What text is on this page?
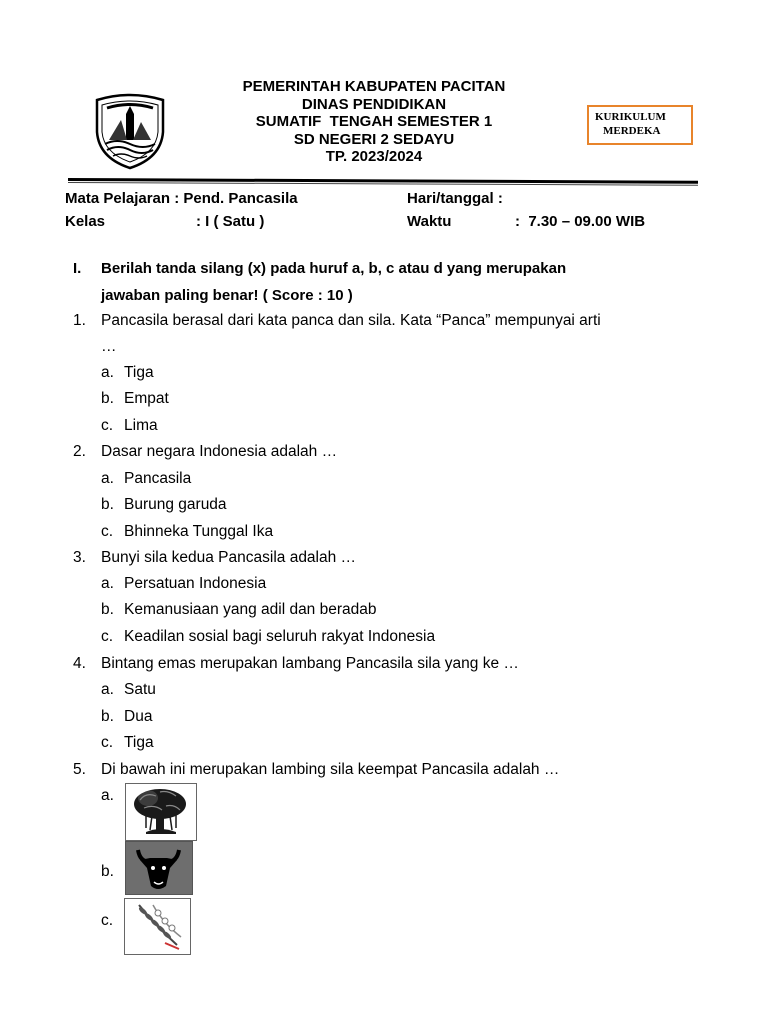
PEMERINTAH KABUPATEN PACITAN
DINAS PENDIDIKAN
SUMATIF  TENGAH SEMESTER 1
SD NEGERI 2 SEDAYU
TP. 2023/2024
KURIKULUM
MERDEKA
Mata Pelajaran : Pend. Pancasila
Kelas	: I ( Satu )
Hari/tanggal :
Waktu	:  7.30 – 09.00 WIB
I. Berilah tanda silang (x) pada huruf a, b, c atau d yang merupakan
jawaban paling benar! ( Score : 10 )
1. Pancasila berasal dari kata panca dan sila. Kata “Panca” mempunyai arti
…
a. Tiga
b. Empat
c. Lima
2. Dasar negara Indonesia adalah …
a. Pancasila
b. Burung garuda
c. Bhinneka Tunggal Ika
3. Bunyi sila kedua Pancasila adalah …
a. Persatuan Indonesia
b. Kemanusiaan yang adil dan beradab
c. Keadilan sosial bagi seluruh rakyat Indonesia
4. Bintang emas merupakan lambang Pancasila sila yang ke …
a. Satu
b. Dua
c. Tiga
5. Di bawah ini merupakan lambing sila keempat Pancasila adalah …
a.
b.
c.
